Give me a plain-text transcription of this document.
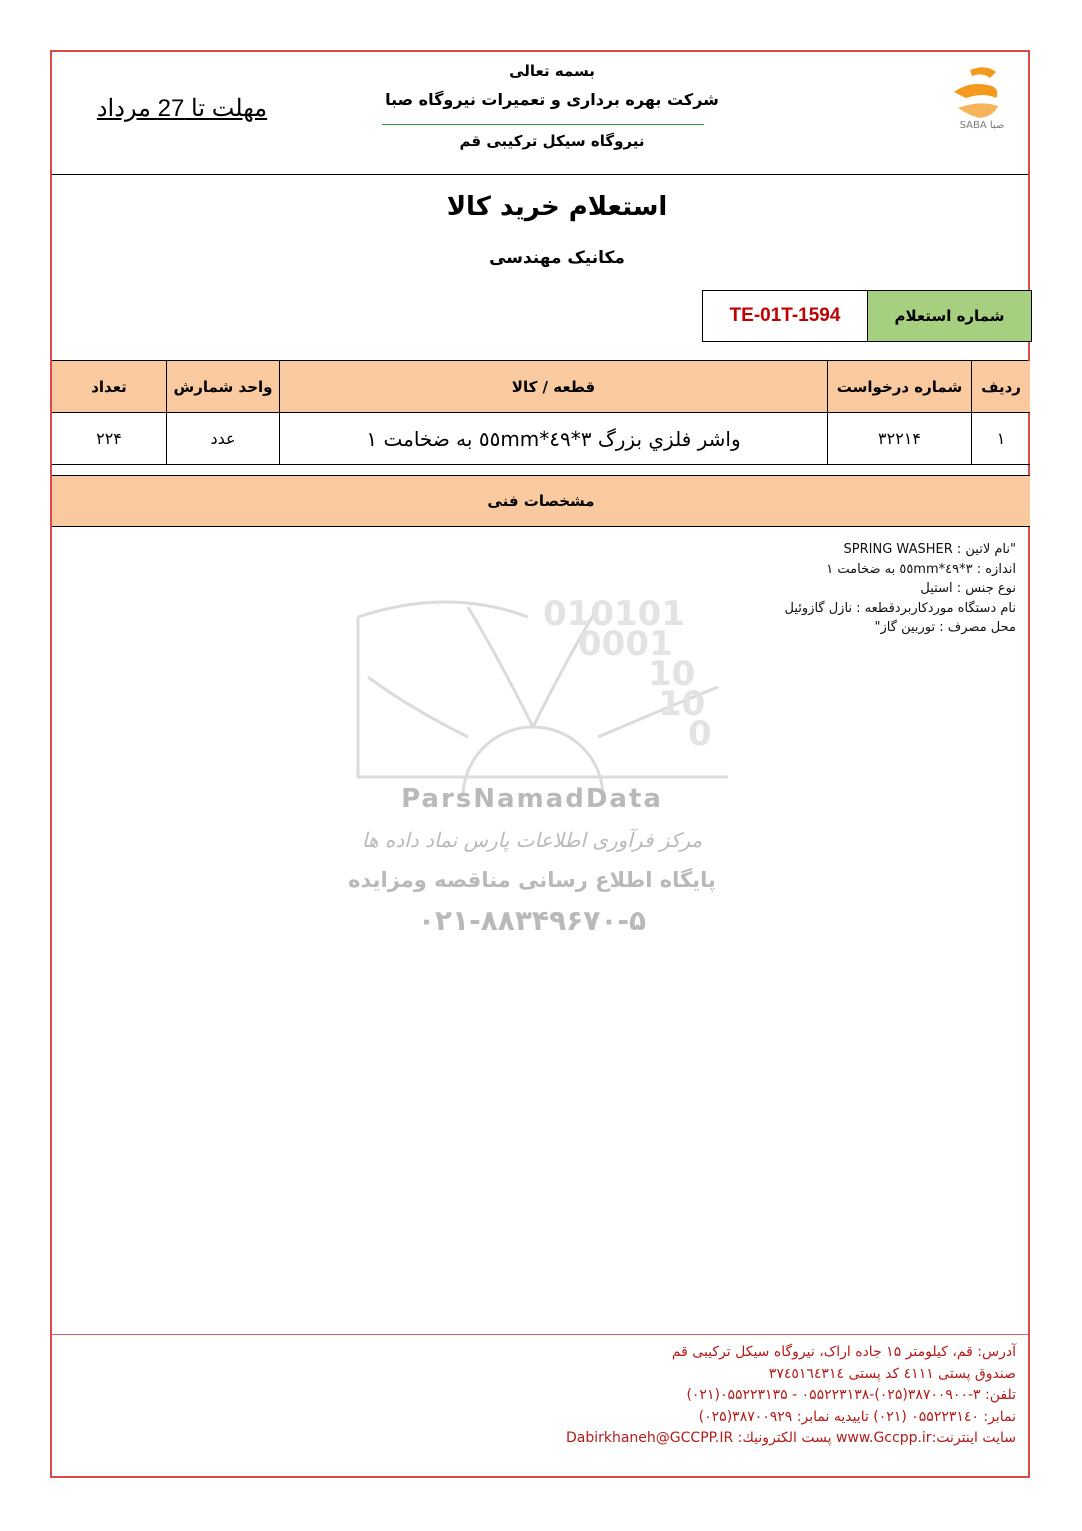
بسمه تعالی
شرکت بهره برداری و تعمیرات نیروگاه صبا
نیروگاه سیکل ترکیبی قم
مهلت تا 27 مرداد
SABA صبا
استعلام خرید کالا
مکانیک مهندسی
TE-01T-1594	شماره استعلام
تعداد	واحد شمارش	قطعه / کالا	شماره درخواست	ردیف
۲۲۴	عدد	واشر فلزي بزرگ ۳*٤۹*٥٥mm به ضخامت ۱	۳۲۲۱۴	۱
مشخصات فنی
"نام لاتین : SPRING WASHER
اندازه : ۳*٤۹*٥٥mm به ضخامت ۱
نوع جنس : استیل
نام دستگاه موردکاربردقطعه : نازل گازوئیل
محل مصرف : توربین گاز"
010101
0001
10
10
0
ParsNamadData
مرکز فرآوری اطلاعات پارس نماد داده ها
پایگاه اطلاع رسانی مناقصه ومزایده
۰۲۱-۸۸۳۴۹۶۷۰-۵
آدرس: قم، کیلومتر ۱۵ جاده اراک، نیروگاه سیکل ترکیبی قم
صندوق پستی ٤۱۱۱ کد پستی ۳۷٤٥۱٦٤۳۱٤
تلفن: ۳-۳۸۷۰۰۹۰۰(۰۲۵)-۰۵۵۲۲۳۱۳۸ - ۰۵۵۲۲۳۱۳۵(۰۲۱)
نمابر: ۰۵۵۲۲۳۱٤۰ (۰۲۱) تاییدیه نمابر: ۳۸۷۰۰۹۲۹(۰۲۵)
سایت اینترنت:www.Gccpp.ir پست الکترونیك: Dabirkhaneh@GCCPP.IR
